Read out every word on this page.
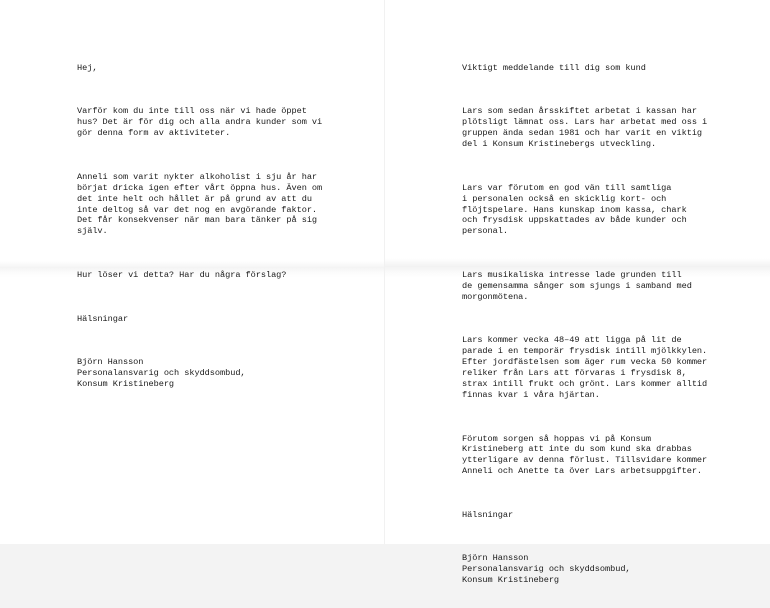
Hej,

Varför kom du inte till oss när vi hade öppet
hus? Det är för dig och alla andra kunder som vi
gör denna form av aktiviteter.

Anneli som varit nykter alkoholist i sju år har
börjat dricka igen efter vårt öppna hus. Även om
det inte helt och hållet är på grund av att du
inte deltog så var det nog en avgörande faktor.
Det får konsekvenser när man bara tänker på sig
själv.

Hur löser vi detta? Har du några förslag?

Hälsningar

Björn Hansson
Personalansvarig och skyddsombud,
Konsum Kristineberg

Viktigt meddelande till dig som kund

Lars som sedan årsskiftet arbetat i kassan har
plötsligt lämnat oss. Lars har arbetat med oss i
gruppen ända sedan 1981 och har varit en viktig
del i Konsum Kristinebergs utveckling.

Lars var förutom en god vän till samtliga
i personalen också en skicklig kort- och
flöjtspelare. Hans kunskap inom kassa, chark
och frysdisk uppskattades av både kunder och
personal.

Lars musikaliska intresse lade grunden till
de gemensamma sånger som sjungs i samband med
morgonmötena.

Lars kommer vecka 48–49 att ligga på lit de
parade i en temporär frysdisk intill mjölkkylen.
Efter jordfästelsen som äger rum vecka 50 kommer
reliker från Lars att förvaras i frysdisk 8,
strax intill frukt och grönt. Lars kommer alltid
finnas kvar i våra hjärtan.

Förutom sorgen så hoppas vi på Konsum
Kristineberg att inte du som kund ska drabbas
ytterligare av denna förlust. Tillsvidare kommer
Anneli och Anette ta över Lars arbetsuppgifter.

Hälsningar

Björn Hansson
Personalansvarig och skyddsombud,
Konsum Kristineberg
